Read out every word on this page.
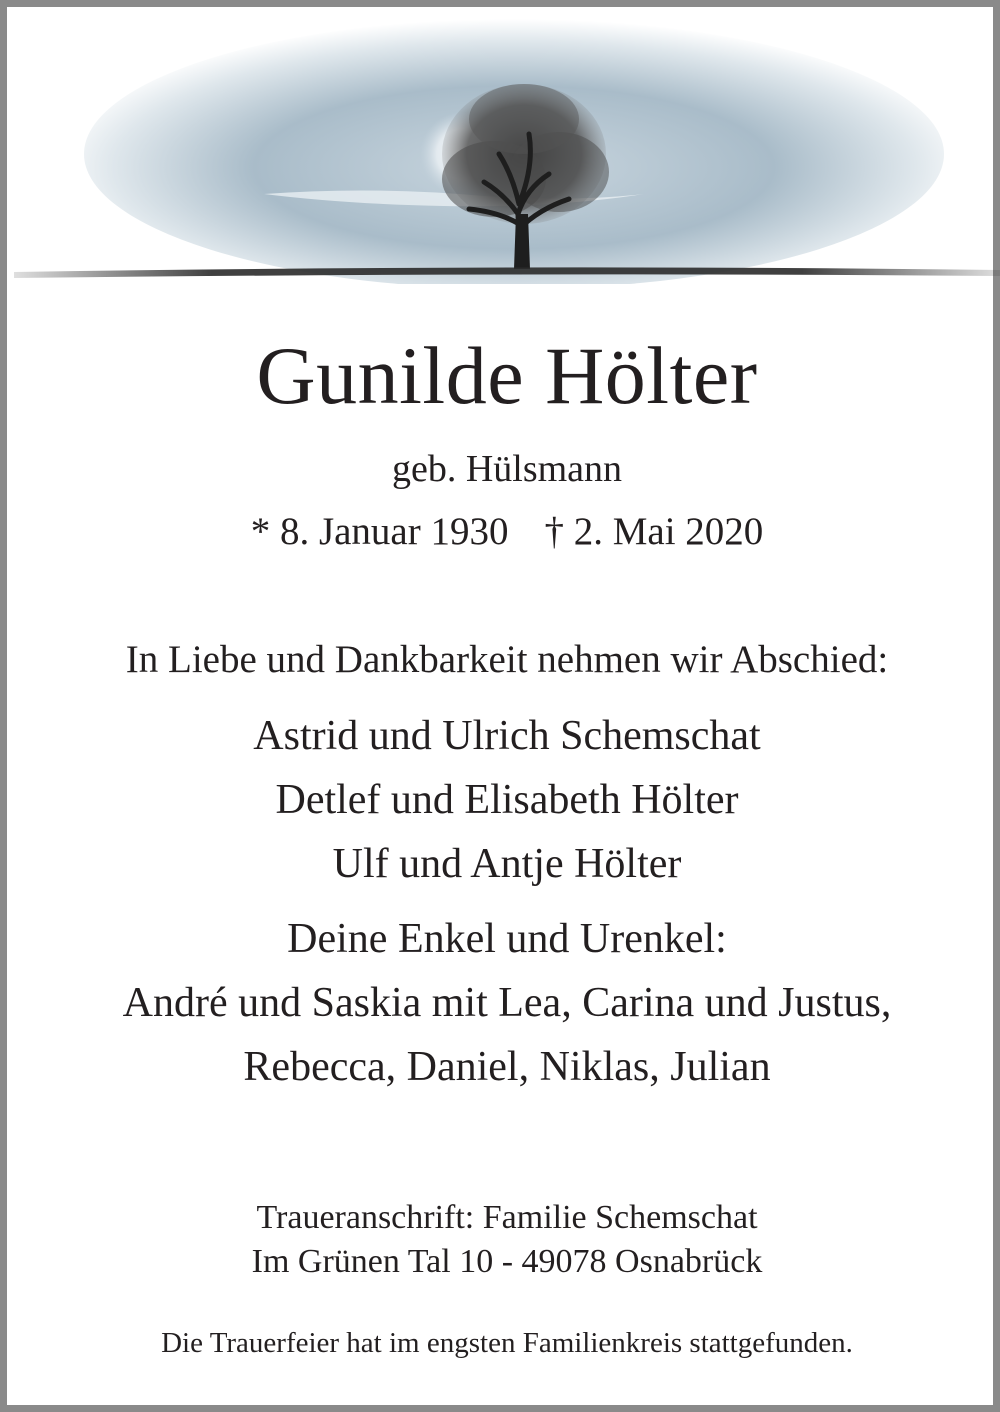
Gunilde Hölter
geb. Hülsmann
* 8. Januar 1930 † 2. Mai 2020
In Liebe und Dankbarkeit nehmen wir Abschied:
Astrid und Ulrich Schemschat
Detlef und Elisabeth Hölter
Ulf und Antje Hölter
Deine Enkel und Urenkel:
André und Saskia mit Lea, Carina und Justus,
Rebecca, Daniel, Niklas, Julian
Traueranschrift: Familie Schemschat
Im Grünen Tal 10 - 49078 Osnabrück
Die Trauerfeier hat im engsten Familienkreis stattgefunden.
